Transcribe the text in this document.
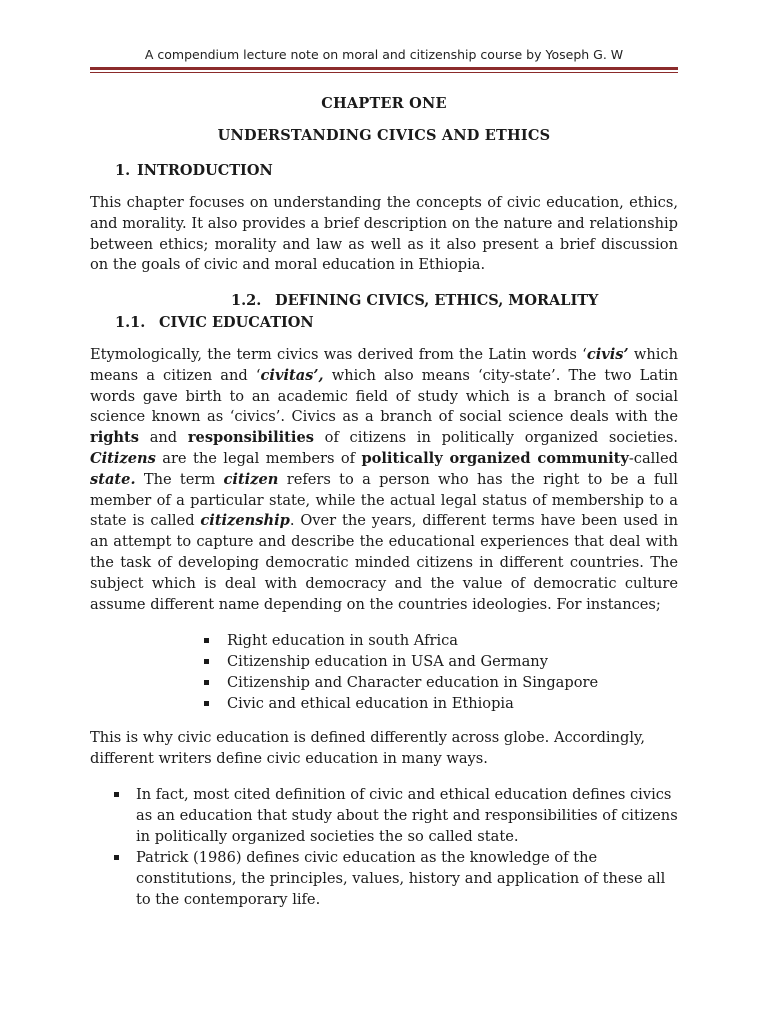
A compendium lecture note on moral and citizenship course by Yoseph G. W
CHAPTER ONE
UNDERSTANDING CIVICS AND ETHICS
1. INTRODUCTION

This chapter focuses on understanding the concepts of civic education, ethics, and morality. It also provides a brief description on the nature and relationship between ethics; morality and law as well as it also present a brief discussion on the goals of civic and moral education in Ethiopia.

1.2. DEFINING CIVICS, ETHICS, MORALITY
1.1. CIVIC EDUCATION

Etymologically, the term civics was derived from the Latin words ‘civis’ which means a citizen and ‘civitas’, which also means ‘city-state’. The two Latin words gave birth to an academic field of study which is a branch of social science known as ‘civics’. Civics as a branch of social science deals with the rights and responsibilities of citizens in politically organized societies. Citizens are the legal members of politically organized community-called state. The term citizen refers to a person who has the right to be a full member of a particular state, while the actual legal status of membership to a state is called citizenship. Over the years, different terms have been used in an attempt to capture and describe the educational experiences that deal with the task of developing democratic minded citizens in different countries. The subject which is deal with democracy and the value of democratic culture assume different name depending on the countries ideologies. For instances;

Right education in south Africa
Citizenship education in USA and Germany
Citizenship and Character education in Singapore
Civic and ethical education in Ethiopia

This is why civic education is defined differently across globe. Accordingly, different writers define civic education in many ways.

In fact, most cited definition of civic and ethical education defines civics as an education that study about the right and responsibilities of citizens in politically organized societies the so called state.
Patrick (1986) defines civic education as the knowledge of the constitutions, the principles, values, history and application of these all to the contemporary life.
